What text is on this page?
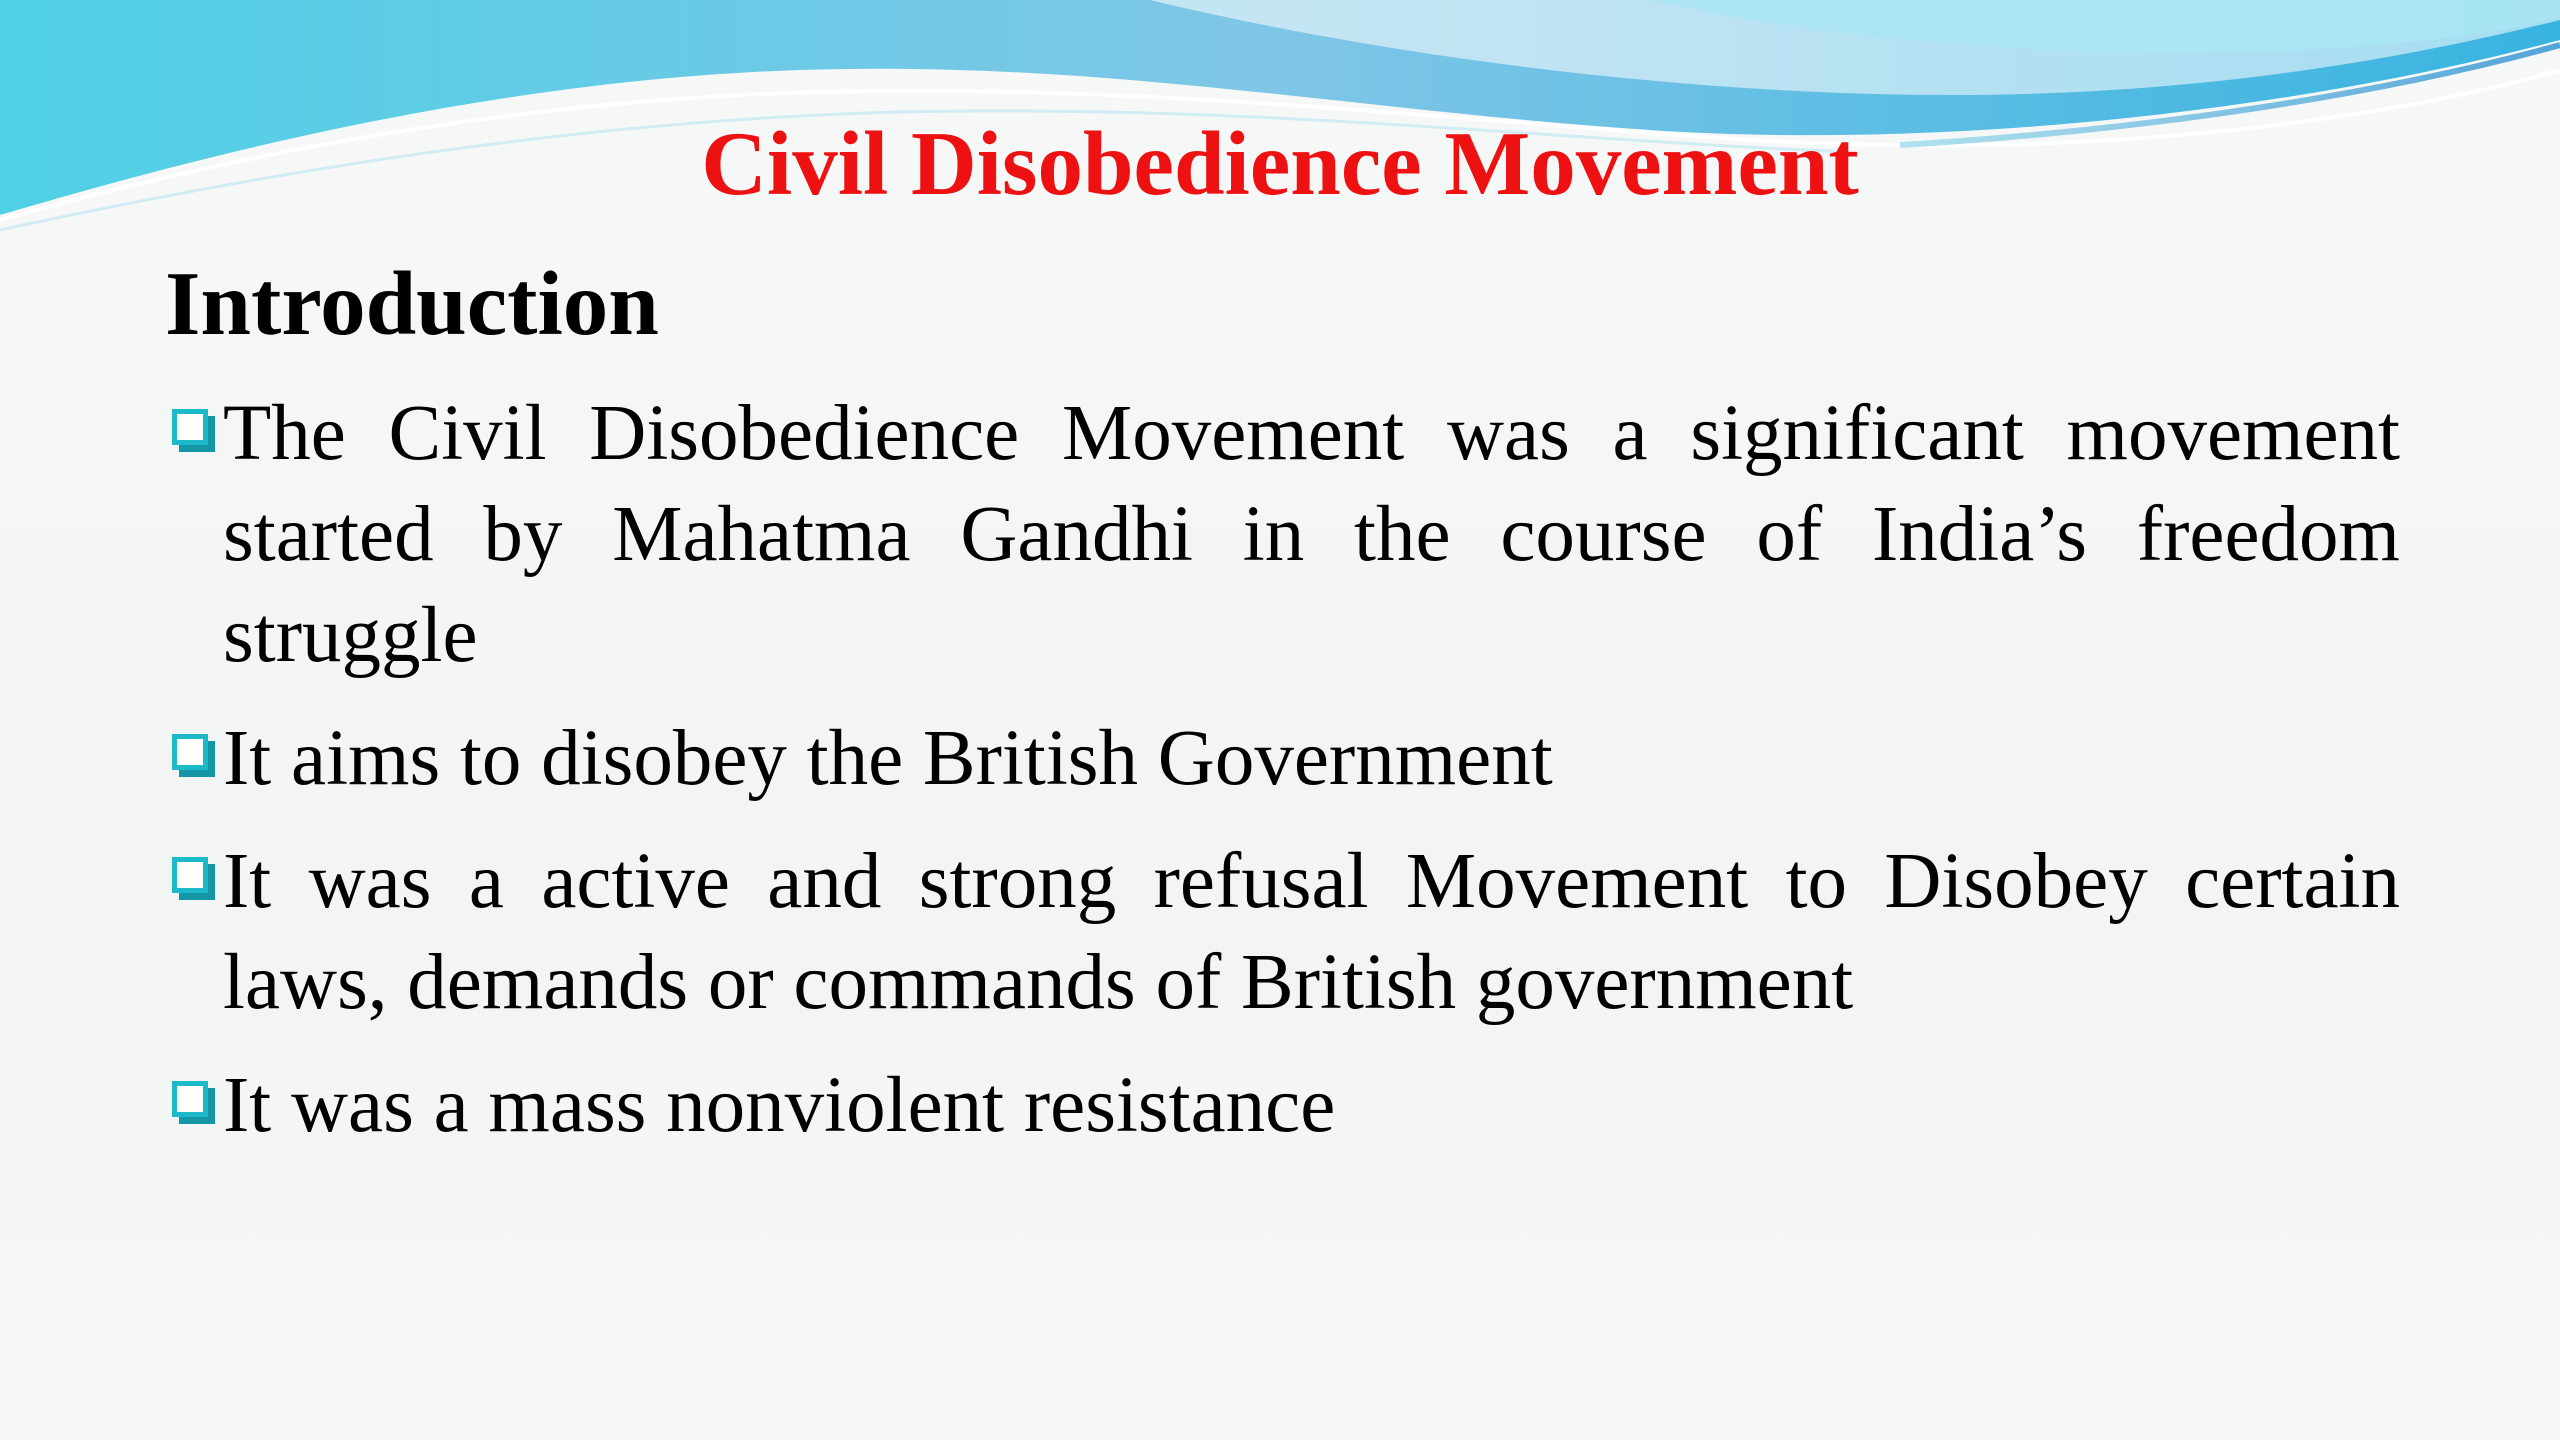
Civil Disobedience Movement
Introduction
The Civil Disobedience Movement was a significant movement started by Mahatma Gandhi in the course of India’s freedom struggle
It aims to disobey the British Government
It was a active and strong refusal Movement to Disobey certain laws, demands or commands of British government
It was a mass nonviolent resistance
